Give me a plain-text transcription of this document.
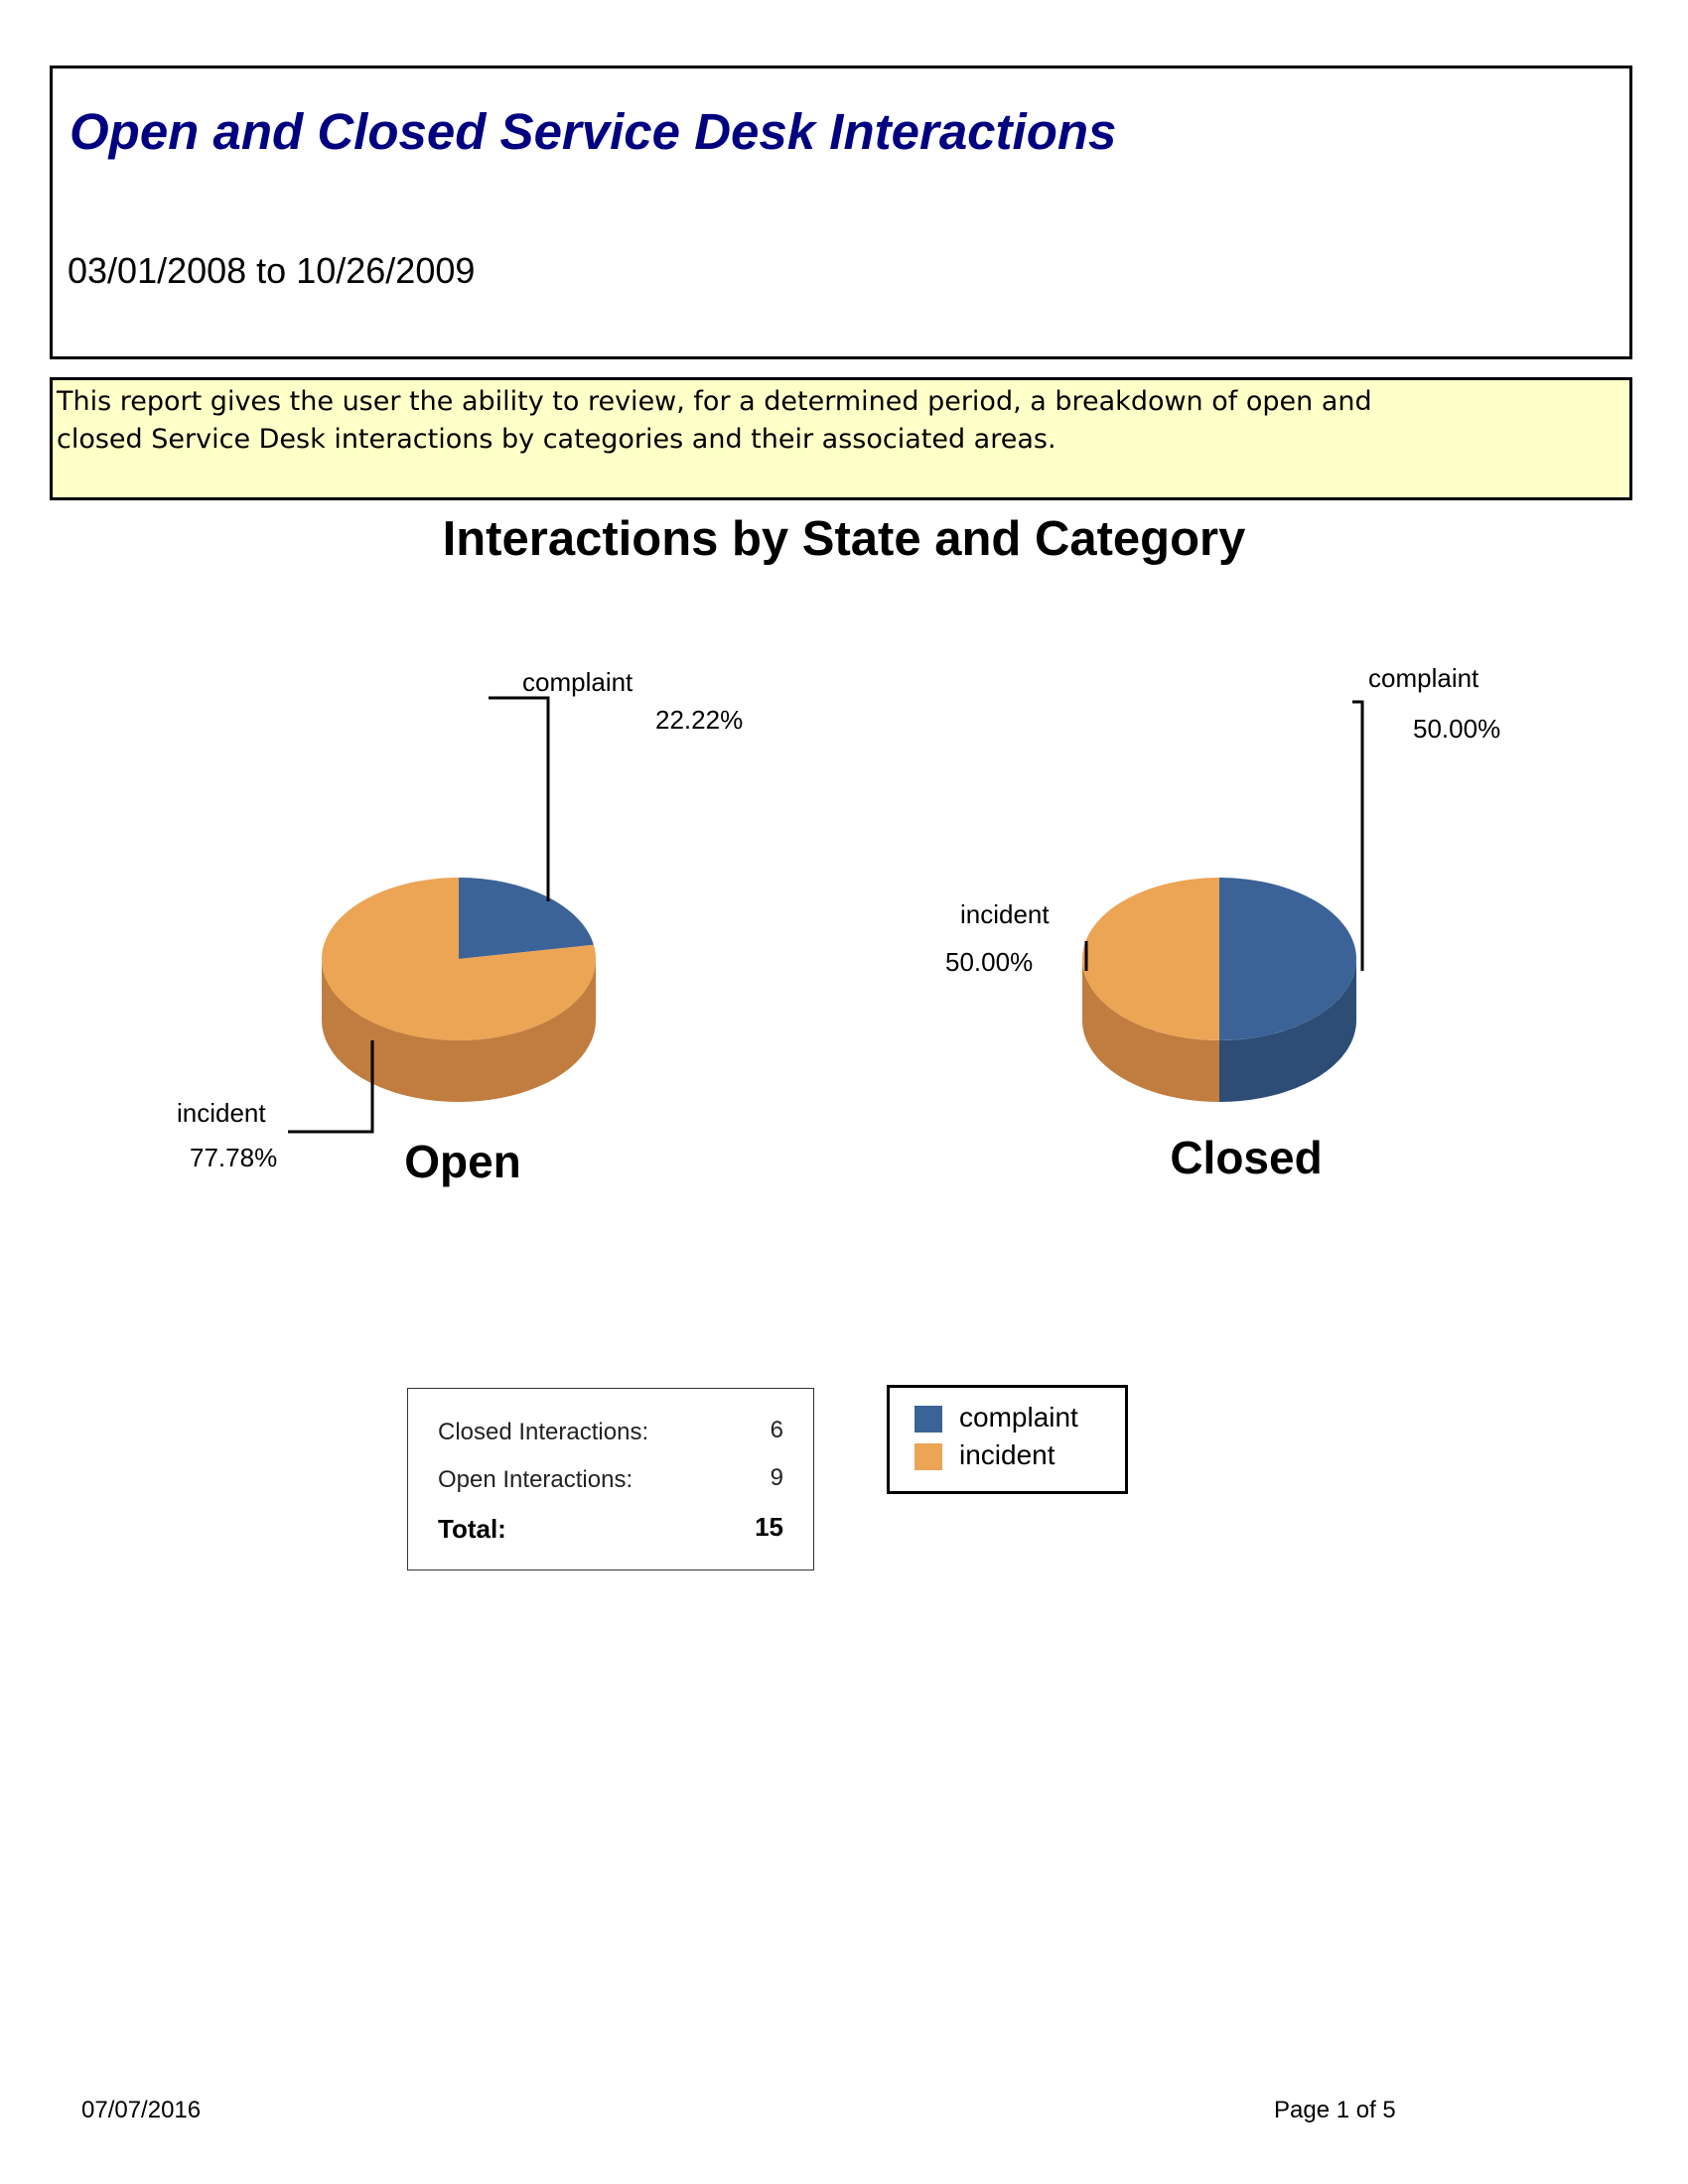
Open and Closed Service Desk Interactions
03/01/2008 to 10/26/2009
This report gives the user the ability to review, for a determined period, a breakdown of open and closed Service Desk interactions by categories and their associated areas.
Interactions by State and Category
Open	Closed
complaint
22.22%
incident
77.78%
complaint
50.00%
incident
50.00%
Closed Interactions:	6
Open Interactions:	9
Total:	15
complaint
incident
07/07/2016	Page 1 of 5
